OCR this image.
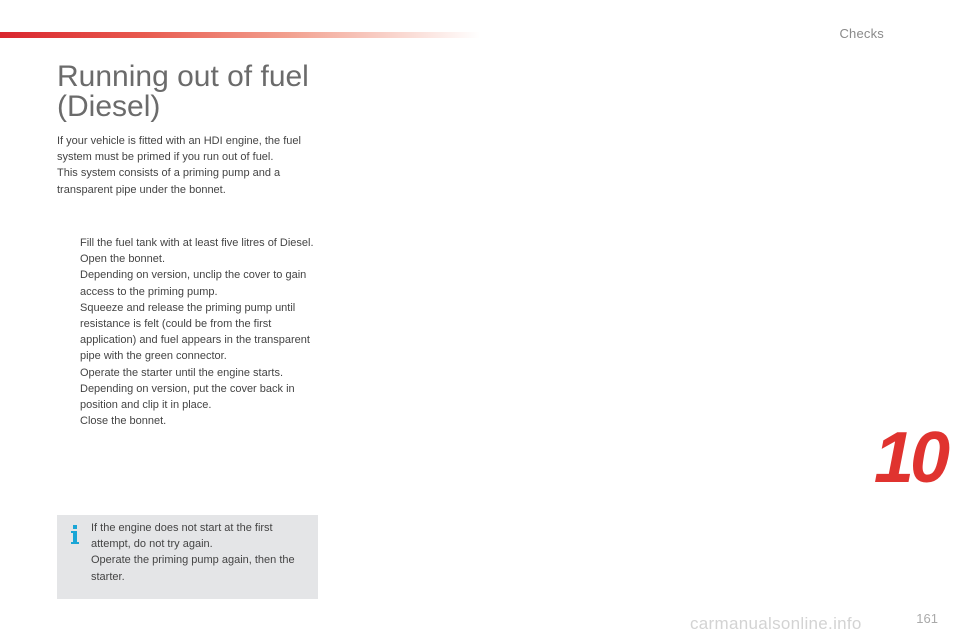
Checks
Running out of fuel
(Diesel)

If your vehicle is fitted with an HDI engine, the fuel system must be primed if you run out of fuel.

This system consists of a priming pump and a transparent pipe under the bonnet.

Fill the fuel tank with at least five litres of Diesel.
Open the bonnet.
Depending on version, unclip the cover to gain access to the priming pump.
Squeeze and release the priming pump until resistance is felt (could be from the first application) and fuel appears in the transparent pipe with the green connector.
Operate the starter until the engine starts.
Depending on version, put the cover back in position and clip it in place.
Close the bonnet.

If the engine does not start at the first attempt, do not try again.

Operate the priming pump again, then the starter.

10
161
carmanualsonline.info
